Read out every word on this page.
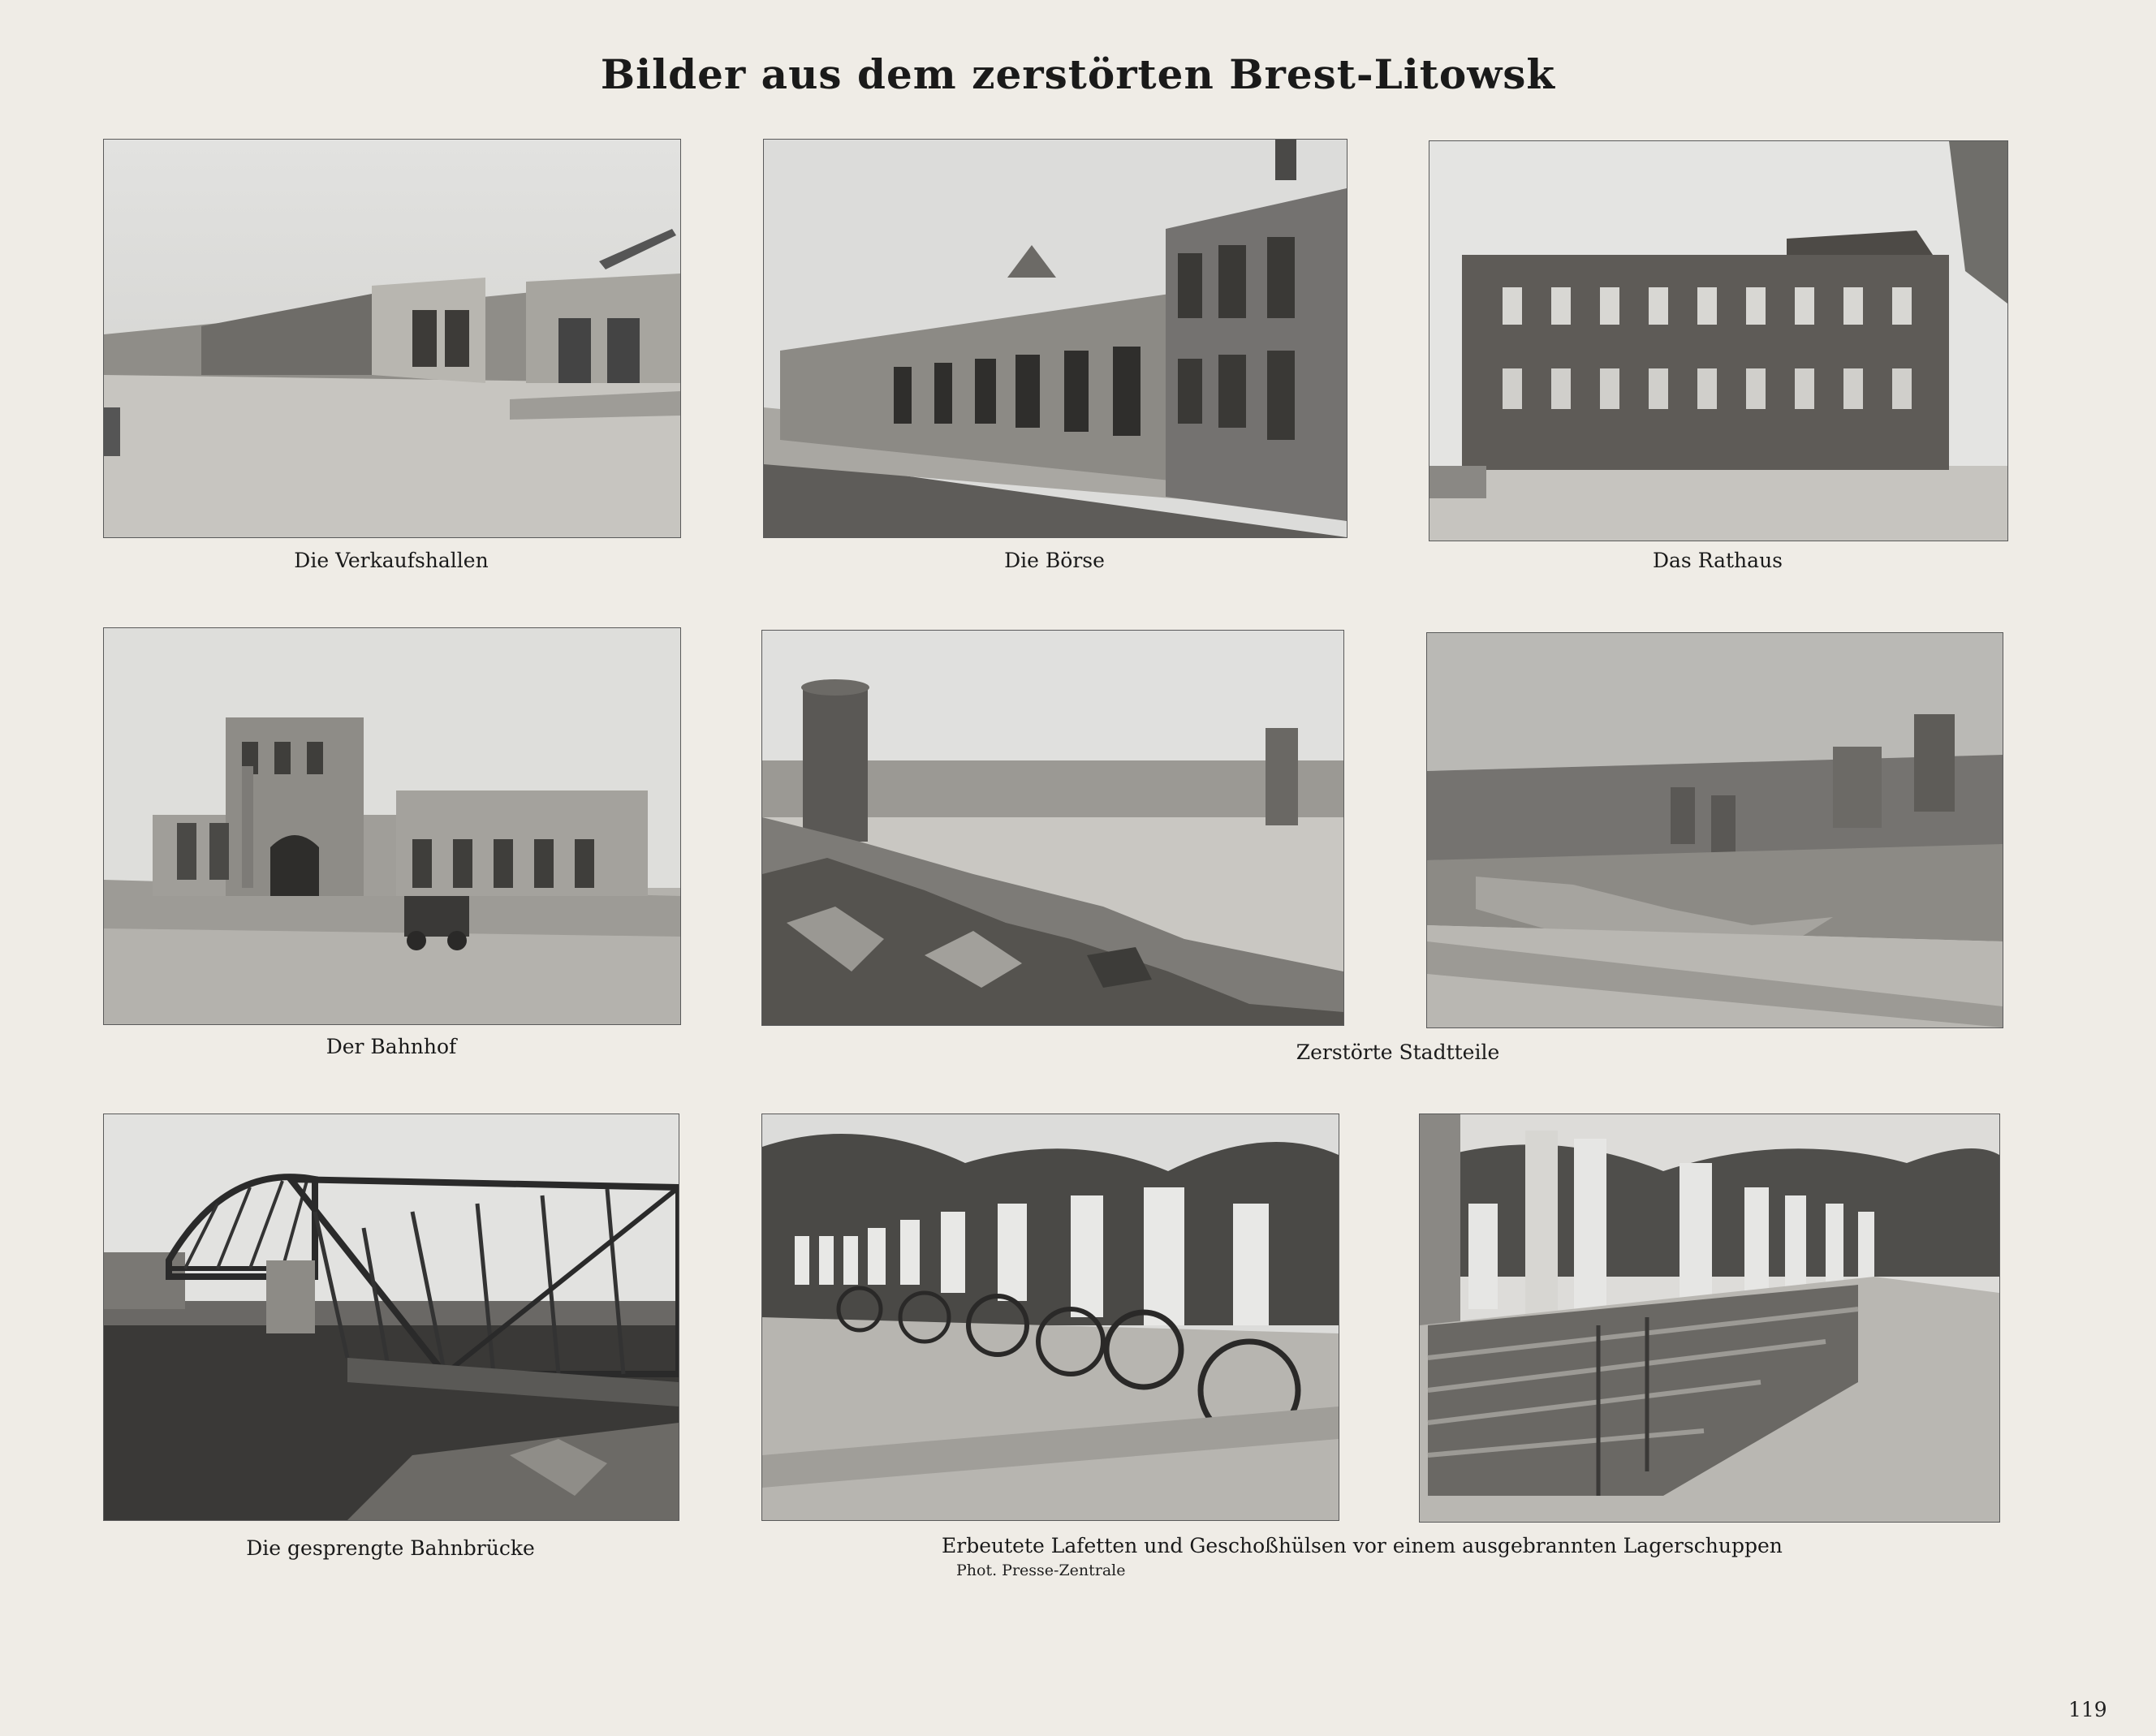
Bilder aus dem zerstörten Brest-Litowsk
Die Verkaufshallen	Die Börse	Das Rathaus
Der Bahnhof	Zerstörte Stadtteile
Die gesprengte Bahnbrücke	Erbeutete Lafetten und Geschoßhülsen vor einem ausgebrannten Lagerschuppen
Phot. Presse-Zentrale
119
